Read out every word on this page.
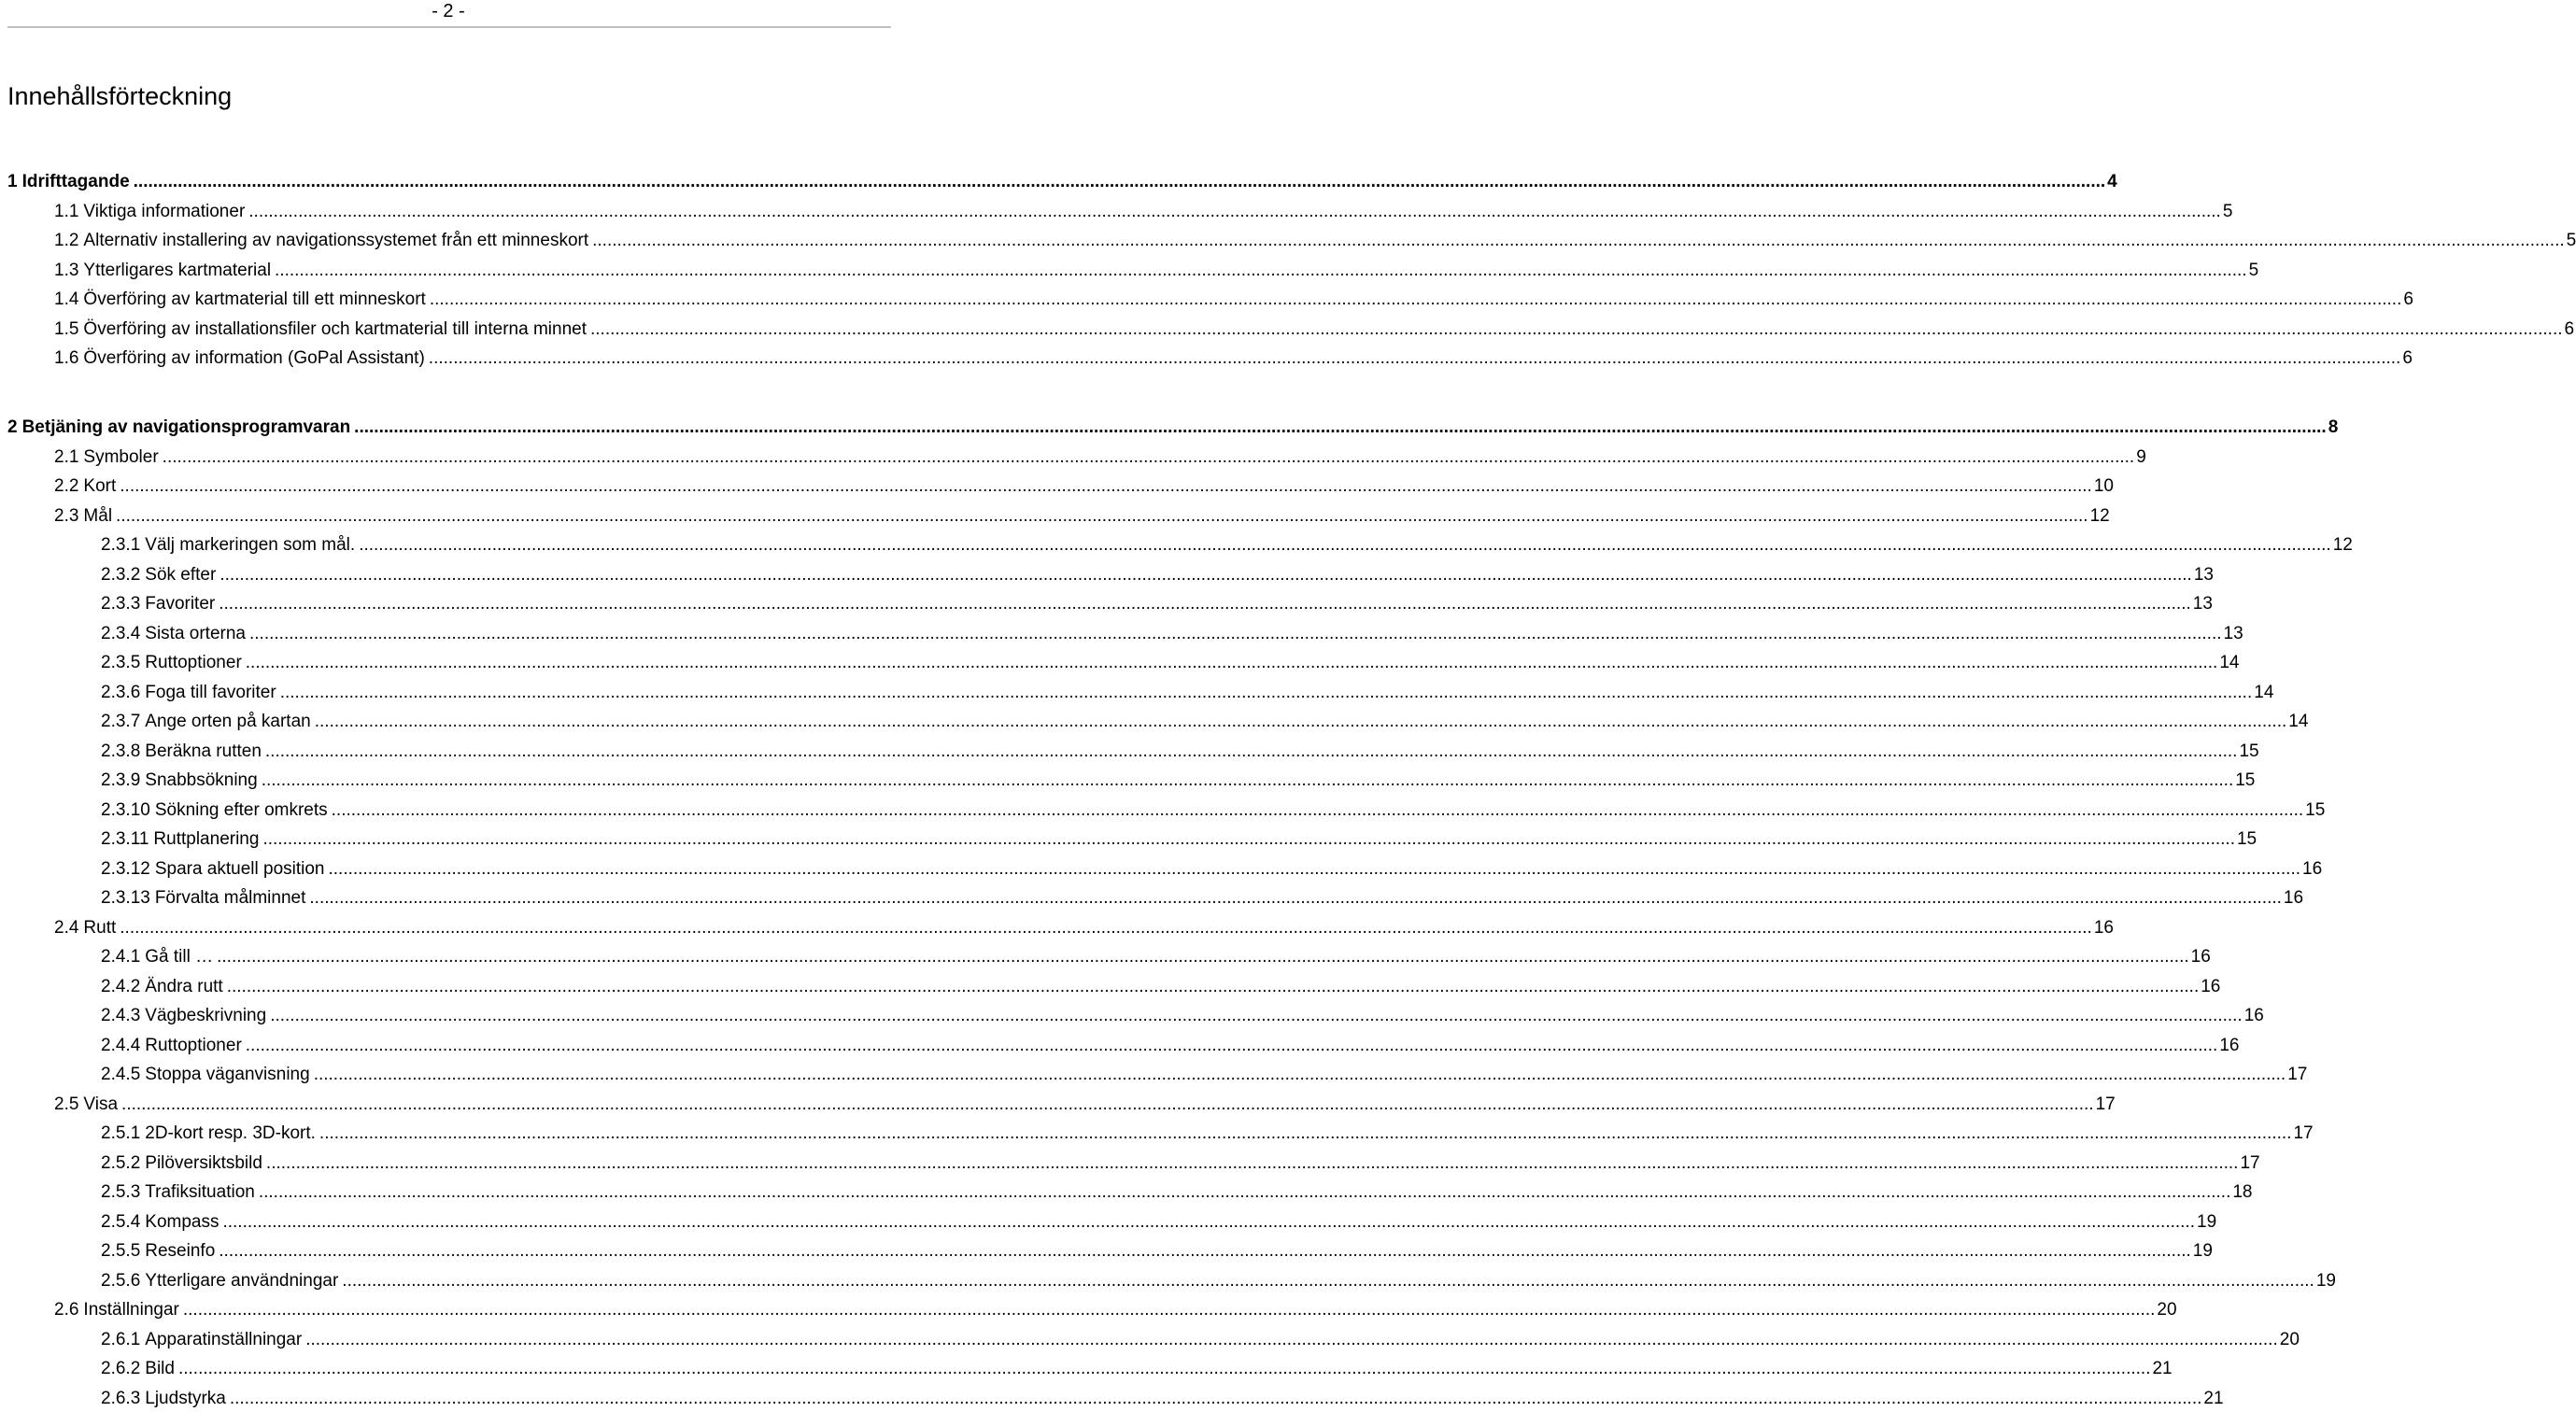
- 2 -
Innehållsförteckning
1 Idrifttagande ................................................................................................................................................................................................................................................................................................................................................................................................................ 4
1.1 Viktiga informationer ................................................................................................................................................................................................................................................................................................................................................................................................................ 5
1.2 Alternativ installering av navigationssystemet från ett minneskort ................................................................................................................................................................................................................................................................................................................................................................................................................ 5
1.3 Ytterligares kartmaterial ................................................................................................................................................................................................................................................................................................................................................................................................................ 5
1.4 Överföring av kartmaterial till ett minneskort ................................................................................................................................................................................................................................................................................................................................................................................................................ 6
1.5 Överföring av installationsfiler och kartmaterial till interna minnet ................................................................................................................................................................................................................................................................................................................................................................................................................ 6
1.6 Överföring av information (GoPal Assistant) ................................................................................................................................................................................................................................................................................................................................................................................................................ 6
2 Betjäning av navigationsprogramvaran ................................................................................................................................................................................................................................................................................................................................................................................................................ 8
2.1 Symboler ................................................................................................................................................................................................................................................................................................................................................................................................................ 9
2.2 Kort ................................................................................................................................................................................................................................................................................................................................................................................................................ 10
2.3 Mål ................................................................................................................................................................................................................................................................................................................................................................................................................ 12
2.3.1 Välj markeringen som mål. ................................................................................................................................................................................................................................................................................................................................................................................................................ 12
2.3.2 Sök efter ................................................................................................................................................................................................................................................................................................................................................................................................................ 13
2.3.3 Favoriter ................................................................................................................................................................................................................................................................................................................................................................................................................ 13
2.3.4 Sista orterna ................................................................................................................................................................................................................................................................................................................................................................................................................ 13
2.3.5 Ruttoptioner ................................................................................................................................................................................................................................................................................................................................................................................................................ 14
2.3.6 Foga till favoriter ................................................................................................................................................................................................................................................................................................................................................................................................................ 14
2.3.7 Ange orten på kartan ................................................................................................................................................................................................................................................................................................................................................................................................................ 14
2.3.8 Beräkna rutten ................................................................................................................................................................................................................................................................................................................................................................................................................ 15
2.3.9 Snabbsökning ................................................................................................................................................................................................................................................................................................................................................................................................................ 15
2.3.10 Sökning efter omkrets ................................................................................................................................................................................................................................................................................................................................................................................................................ 15
2.3.11 Ruttplanering ................................................................................................................................................................................................................................................................................................................................................................................................................ 15
2.3.12 Spara aktuell position ................................................................................................................................................................................................................................................................................................................................................................................................................ 16
2.3.13 Förvalta målminnet ................................................................................................................................................................................................................................................................................................................................................................................................................ 16
2.4 Rutt ................................................................................................................................................................................................................................................................................................................................................................................................................ 16
2.4.1 Gå till … ................................................................................................................................................................................................................................................................................................................................................................................................................ 16
2.4.2 Ändra rutt ................................................................................................................................................................................................................................................................................................................................................................................................................ 16
2.4.3 Vägbeskrivning ................................................................................................................................................................................................................................................................................................................................................................................................................ 16
2.4.4 Ruttoptioner ................................................................................................................................................................................................................................................................................................................................................................................................................ 16
2.4.5 Stoppa väganvisning ................................................................................................................................................................................................................................................................................................................................................................................................................ 17
2.5 Visa ................................................................................................................................................................................................................................................................................................................................................................................................................ 17
2.5.1 2D-kort resp. 3D-kort. ................................................................................................................................................................................................................................................................................................................................................................................................................ 17
2.5.2 Pilöversiktsbild ................................................................................................................................................................................................................................................................................................................................................................................................................ 17
2.5.3 Trafiksituation ................................................................................................................................................................................................................................................................................................................................................................................................................ 18
2.5.4 Kompass ................................................................................................................................................................................................................................................................................................................................................................................................................ 19
2.5.5 Reseinfo ................................................................................................................................................................................................................................................................................................................................................................................................................ 19
2.5.6 Ytterligare användningar ................................................................................................................................................................................................................................................................................................................................................................................................................ 19
2.6 Inställningar ................................................................................................................................................................................................................................................................................................................................................................................................................ 20
2.6.1 Apparatinställningar ................................................................................................................................................................................................................................................................................................................................................................................................................ 20
2.6.2 Bild ................................................................................................................................................................................................................................................................................................................................................................................................................ 21
2.6.3 Ljudstyrka ................................................................................................................................................................................................................................................................................................................................................................................................................ 21
